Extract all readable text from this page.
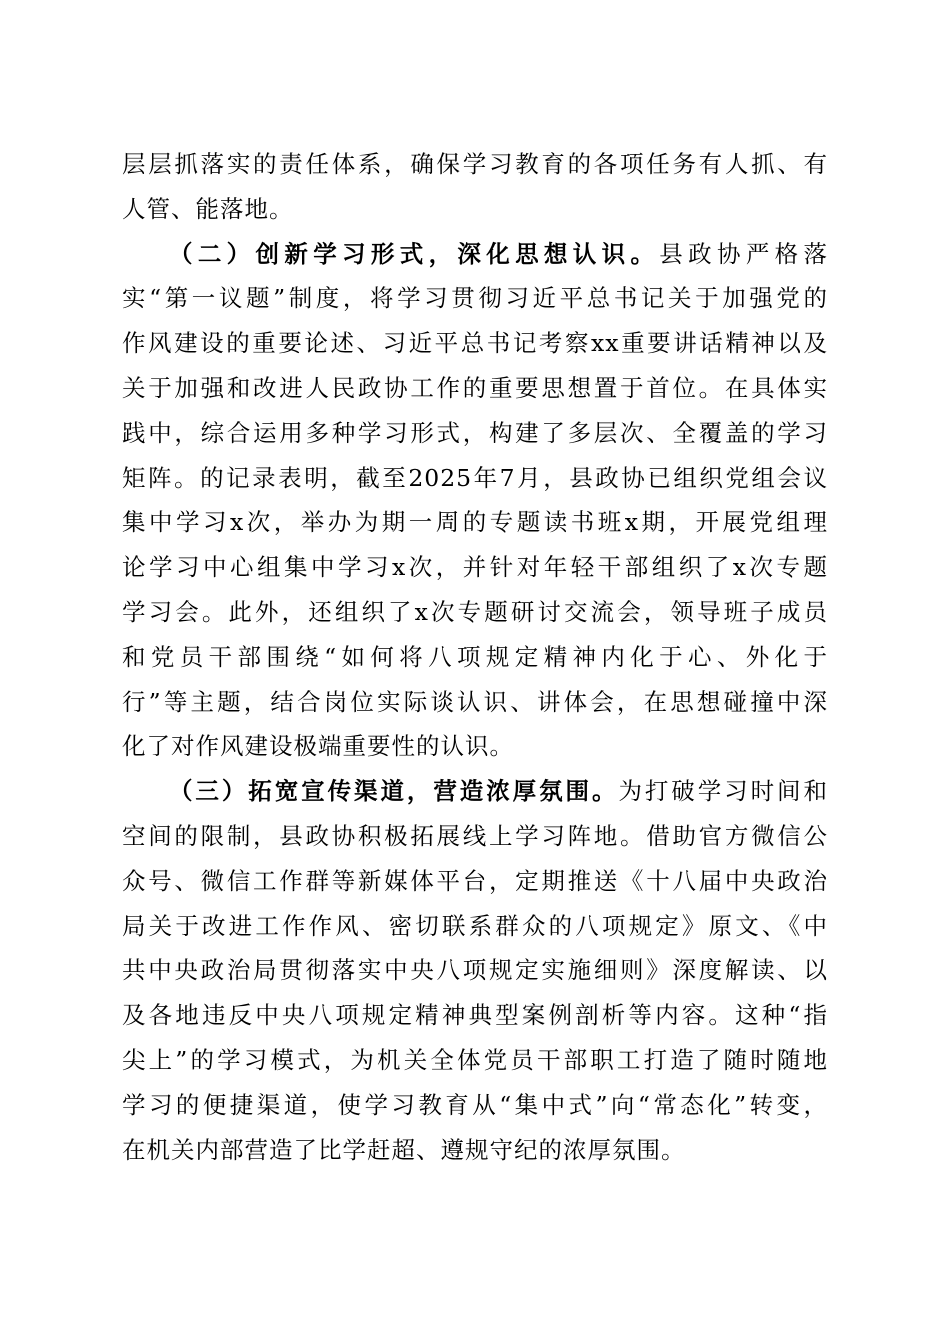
层层抓落实的责任体系，确保学习教育的各项任务有人抓、有
人管、能落地。
（二）创新学习形式，深化思想认识。县政协严格落
实“第一议题”制度，将学习贯彻习近平总书记关于加强党的
作风建设的重要论述、习近平总书记考察xx重要讲话精神以及
关于加强和改进人民政协工作的重要思想置于首位。在具体实
践中，综合运用多种学习形式，构建了多层次、全覆盖的学习
矩阵。的记录表明，截至2025年7月，县政协已组织党组会议
集中学习x次，举办为期一周的专题读书班x期，开展党组理
论学习中心组集中学习x次，并针对年轻干部组织了x次专题
学习会。此外，还组织了x次专题研讨交流会，领导班子成员
和党员干部围绕“如何将八项规定精神内化于心、外化于
行”等主题，结合岗位实际谈认识、讲体会，在思想碰撞中深
化了对作风建设极端重要性的认识。
（三）拓宽宣传渠道，营造浓厚氛围。为打破学习时间和
空间的限制，县政协积极拓展线上学习阵地。借助官方微信公
众号、微信工作群等新媒体平台，定期推送《十八届中央政治
局关于改进工作作风、密切联系群众的八项规定》原文、《中
共中央政治局贯彻落实中央八项规定实施细则》深度解读、以
及各地违反中央八项规定精神典型案例剖析等内容。这种“指
尖上”的学习模式，为机关全体党员干部职工打造了随时随地
学习的便捷渠道，使学习教育从“集中式”向“常态化”转变，
在机关内部营造了比学赶超、遵规守纪的浓厚氛围。
